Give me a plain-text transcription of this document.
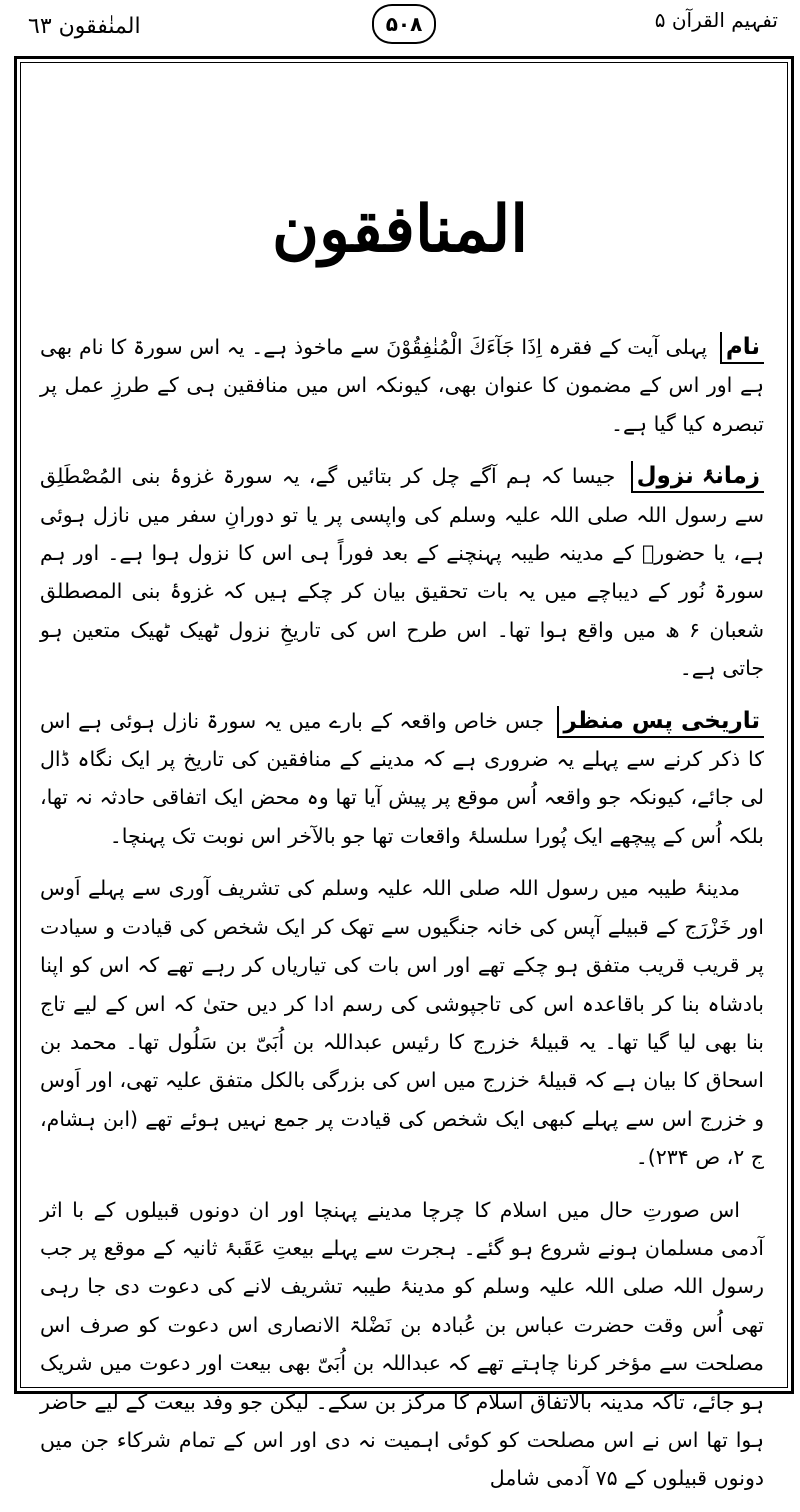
تفہیم القرآن ۵
۵۰۸
المنٰفقون ٦٣
المنافقون

نام پہلی آیت کے فقرہ اِذَا جَآءَكَ الْمُنٰفِقُوْنَ سے ماخوذ ہے۔ یہ اس سورۃ کا نام بھی ہے اور اس کے مضمون کا عنوان بھی، کیونکہ اس میں منافقین ہی کے طرزِ عمل پر تبصرہ کیا گیا ہے۔

زمانۂ نزول جیسا کہ ہم آگے چل کر بتائیں گے، یہ سورۃ غزوۂ بنی المُصْطَلِق سے رسول اللہ صلی اللہ علیہ وسلم کی واپسی پر یا تو دورانِ سفر میں نازل ہوئی ہے، یا حضورؐ کے مدینہ طیبہ پہنچنے کے بعد فوراً ہی اس کا نزول ہوا ہے۔ اور ہم سورۃ نُور کے دیباچے میں یہ بات تحقیق بیان کر چکے ہیں کہ غزوۂ بنی المصطلق شعبان ۶ ھ میں واقع ہوا تھا۔ اس طرح اس کی تاریخِ نزول ٹھیک ٹھیک متعین ہو جاتی ہے۔

تاریخی پس منظر جس خاص واقعہ کے بارے میں یہ سورۃ نازل ہوئی ہے اس کا ذکر کرنے سے پہلے یہ ضروری ہے کہ مدینے کے منافقین کی تاریخ پر ایک نگاہ ڈال لی جائے، کیونکہ جو واقعہ اُس موقع پر پیش آیا تھا وہ محض ایک اتفاقی حادثہ نہ تھا، بلکہ اُس کے پیچھے ایک پُورا سلسلۂ واقعات تھا جو بالآخر اس نوبت تک پہنچا۔

مدینۂ طیبہ میں رسول اللہ صلی اللہ علیہ وسلم کی تشریف آوری سے پہلے اَوس اور خَزْرَج کے قبیلے آپس کی خانہ جنگیوں سے تھک کر ایک شخص کی قیادت و سیادت پر قریب قریب متفق ہو چکے تھے اور اس بات کی تیاریاں کر رہے تھے کہ اس کو اپنا بادشاہ بنا کر باقاعدہ اس کی تاجپوشی کی رسم ادا کر دیں حتیٰ کہ اس کے لیے تاج بنا بھی لیا گیا تھا۔ یہ قبیلۂ خزرج کا رئیس عبداللہ بن اُبَیّ بن سَلُول تھا۔ محمد بن اسحاق کا بیان ہے کہ قبیلۂ خزرج میں اس کی بزرگی بالکل متفق علیہ تھی، اور اَوس و خزرج اس سے پہلے کبھی ایک شخص کی قیادت پر جمع نہیں ہوئے تھے (ابن ہشام، ج ۲، ص ۲۳۴)۔

اس صورتِ حال میں اسلام کا چرچا مدینے پہنچا اور ان دونوں قبیلوں کے با اثر آدمی مسلمان ہونے شروع ہو گئے۔ ہجرت سے پہلے بیعتِ عَقَبۂ ثانیہ کے موقع پر جب رسول اللہ صلی اللہ علیہ وسلم کو مدینۂ طیبہ تشریف لانے کی دعوت دی جا رہی تھی اُس وقت حضرت عباس بن عُبادہ بن نَضْلۃ الانصاری اس دعوت کو صرف اس مصلحت سے مؤخر کرنا چاہتے تھے کہ عبداللہ بن اُبَیّ بھی بیعت اور دعوت میں شریک ہو جائے، تاکہ مدینہ بالاتفاق اسلام کا مرکز بن سکے۔ لیکن جو وفد بیعت کے لیے حاضر ہوا تھا اس نے اس مصلحت کو کوئی اہمیت نہ دی اور اس کے تمام شرکاء جن میں دونوں قبیلوں کے ۷۵ آدمی شامل
